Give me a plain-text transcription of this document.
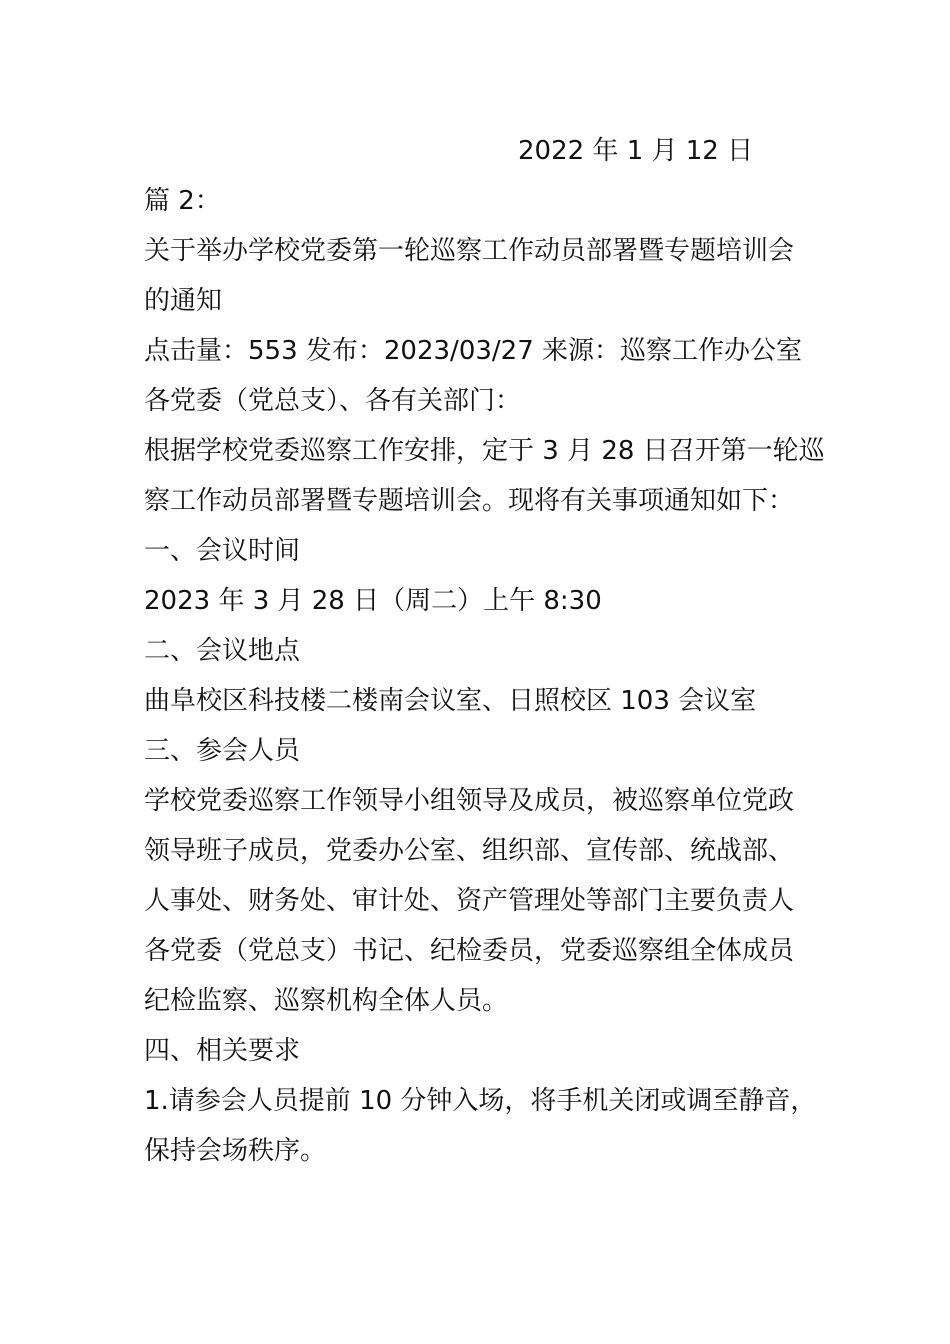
2022 年 1 月 12 日
篇 2：
关于举办学校党委第一轮巡察工作动员部署暨专题培训会
的通知
点击量：553 发布：2023/03/27 来源：巡察工作办公室
各党委（党总支）、各有关部门：
根据学校党委巡察工作安排，定于 3 月 28 日召开第一轮巡
察工作动员部署暨专题培训会。现将有关事项通知如下：
一、会议时间
2023 年 3 月 28 日（周二）上午 8:30
二、会议地点
曲阜校区科技楼二楼南会议室、日照校区 103 会议室
三、参会人员
学校党委巡察工作领导小组领导及成员，被巡察单位党政
领导班子成员，党委办公室、组织部、宣传部、统战部、
人事处、财务处、审计处、资产管理处等部门主要负责人
各党委（党总支）书记、纪检委员，党委巡察组全体成员
纪检监察、巡察机构全体人员。
四、相关要求
1.请参会人员提前 10 分钟入场，将手机关闭或调至静音，
保持会场秩序。
